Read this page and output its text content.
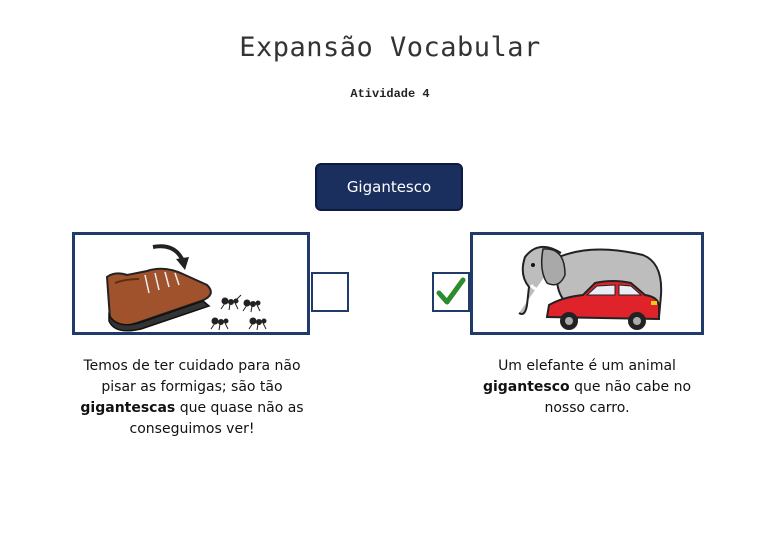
Expansão Vocabular
Atividade 4
Gigantesco
Temos de ter cuidado para não pisar as formigas; são tão gigantescas que quase não as conseguimos ver!
Um elefante é um animal gigantesco que não cabe no nosso carro.
